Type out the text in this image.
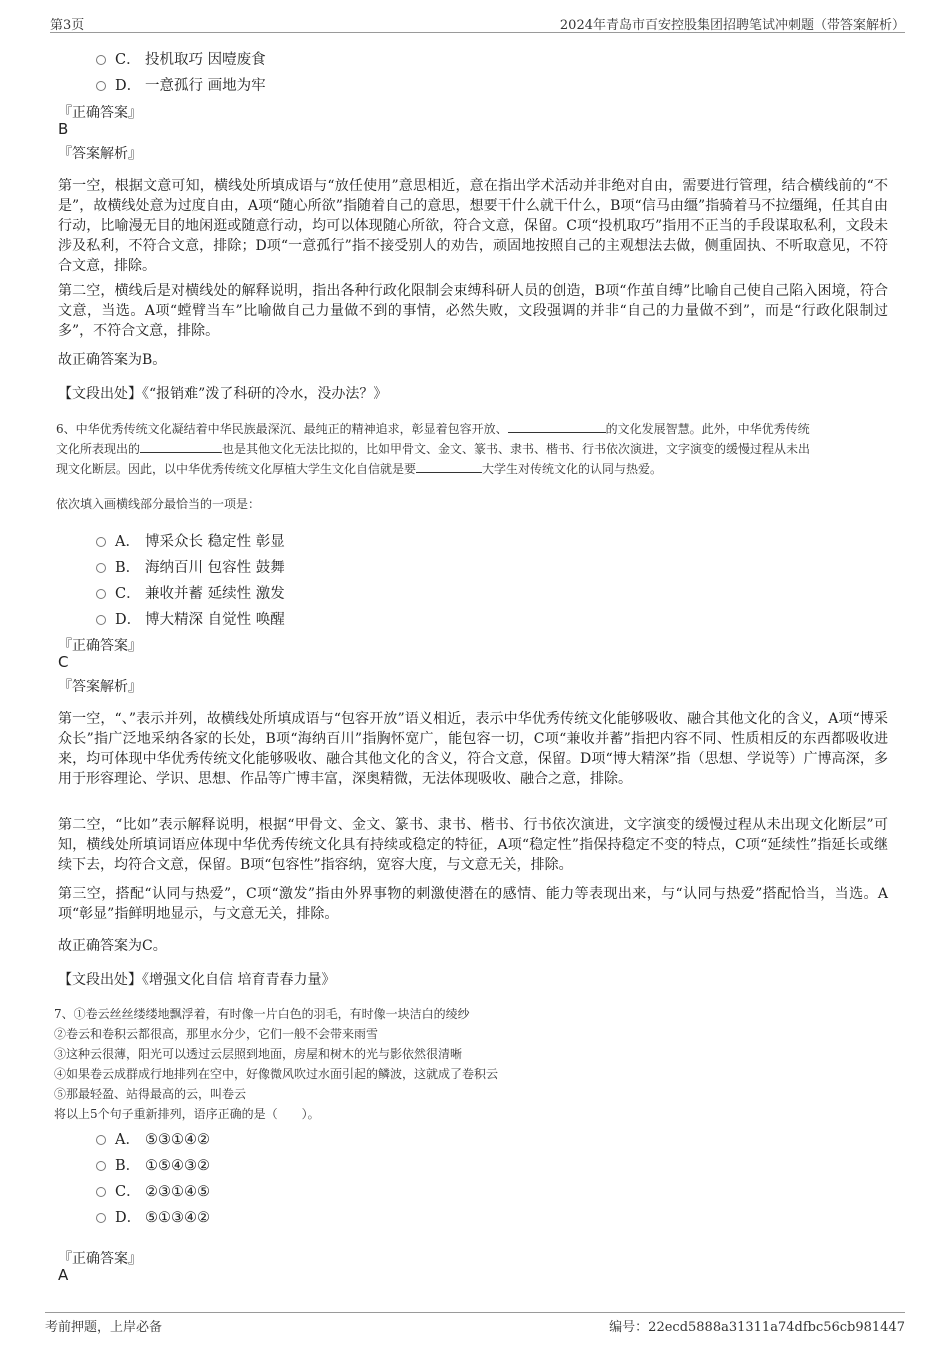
第3页	2024年青岛市百安控股集团招聘笔试冲刺题（带答案解析）
C． 投机取巧 因噎废食
D． 一意孤行 画地为牢
『正确答案』
B
『答案解析』
第一空，根据文意可知，横线处所填成语与“放任使用”意思相近，意在指出学术活动并非绝对自由，需要进行管理，结合横线前的“不是”，故横线处意为过度自由，A项“随心所欲”指随着自己的意思，想要干什么就干什么，B项“信马由缰”指骑着马不拉缰绳，任其自由行动，比喻漫无目的地闲逛或随意行动，均可以体现随心所欲，符合文意，保留。C项“投机取巧”指用不正当的手段谋取私利，文段未涉及私利，不符合文意，排除；D项“一意孤行”指不接受别人的劝告，顽固地按照自己的主观想法去做，侧重固执、不听取意见，不符合文意，排除。
第二空，横线后是对横线处的解释说明，指出各种行政化限制会束缚科研人员的创造，B项“作茧自缚”比喻自己使自己陷入困境，符合文意，当选。A项“螳臂当车”比喻做自己力量做不到的事情，必然失败，文段强调的并非“自己的力量做不到”，而是“行政化限制过多”，不符合文意，排除。
故正确答案为B。
【文段出处】《“报销难”泼了科研的冷水，没办法？》
6、中华优秀传统文化凝结着中华民族最深沉、最纯正的精神追求，彰显着包容开放、	的文化发展智慧。此外，中华优秀传统
文化所表现出的	也是其他文化无法比拟的，比如甲骨文、金文、篆书、隶书、楷书、行书依次演进，文字演变的缓慢过程从未出
现文化断层。因此，以中华优秀传统文化厚植大学生文化自信就是要	大学生对传统文化的认同与热爱。
依次填入画横线部分最恰当的一项是：
A． 博采众长 稳定性 彰显
B． 海纳百川 包容性 鼓舞
C． 兼收并蓄 延续性 激发
D． 博大精深 自觉性 唤醒
『正确答案』
C
『答案解析』
第一空，“、”表示并列，故横线处所填成语与“包容开放”语义相近，表示中华优秀传统文化能够吸收、融合其他文化的含义，A项“博采众长”指广泛地采纳各家的长处，B项“海纳百川”指胸怀宽广，能包容一切，C项“兼收并蓄”指把内容不同、性质相反的东西都吸收进来，均可体现中华优秀传统文化能够吸收、融合其他文化的含义，符合文意，保留。D项“博大精深”指（思想、学说等）广博高深，多用于形容理论、学识、思想、作品等广博丰富，深奥精微，无法体现吸收、融合之意，排除。
第二空，“比如”表示解释说明，根据“甲骨文、金文、篆书、隶书、楷书、行书依次演进，文字演变的缓慢过程从未出现文化断层”可知，横线处所填词语应体现中华优秀传统文化具有持续或稳定的特征，A项“稳定性”指保持稳定不变的特点，C项“延续性”指延长或继续下去，均符合文意，保留。B项“包容性”指容纳，宽容大度，与文意无关，排除。
第三空，搭配“认同与热爱”，C项“激发”指由外界事物的刺激使潜在的感情、能力等表现出来，与“认同与热爱”搭配恰当，当选。A项“彰显”指鲜明地显示，与文意无关，排除。
故正确答案为C。
【文段出处】《增强文化自信 培育青春力量》
7、①卷云丝丝缕缕地飘浮着，有时像一片白色的羽毛，有时像一块洁白的绫纱
②卷云和卷积云都很高，那里水分少，它们一般不会带来雨雪
③这种云很薄，阳光可以透过云层照到地面，房屋和树木的光与影依然很清晰
④如果卷云成群成行地排列在空中，好像微风吹过水面引起的鳞波，这就成了卷积云
⑤那最轻盈、站得最高的云，叫卷云
将以上5个句子重新排列，语序正确的是（　　）。
A． ⑤③①④②
B． ①⑤④③②
C． ②③①④⑤
D． ⑤①③④②
『正确答案』
A
考前押题，上岸必备	编号：22ecd5888a31311a74dfbc56cb981447
